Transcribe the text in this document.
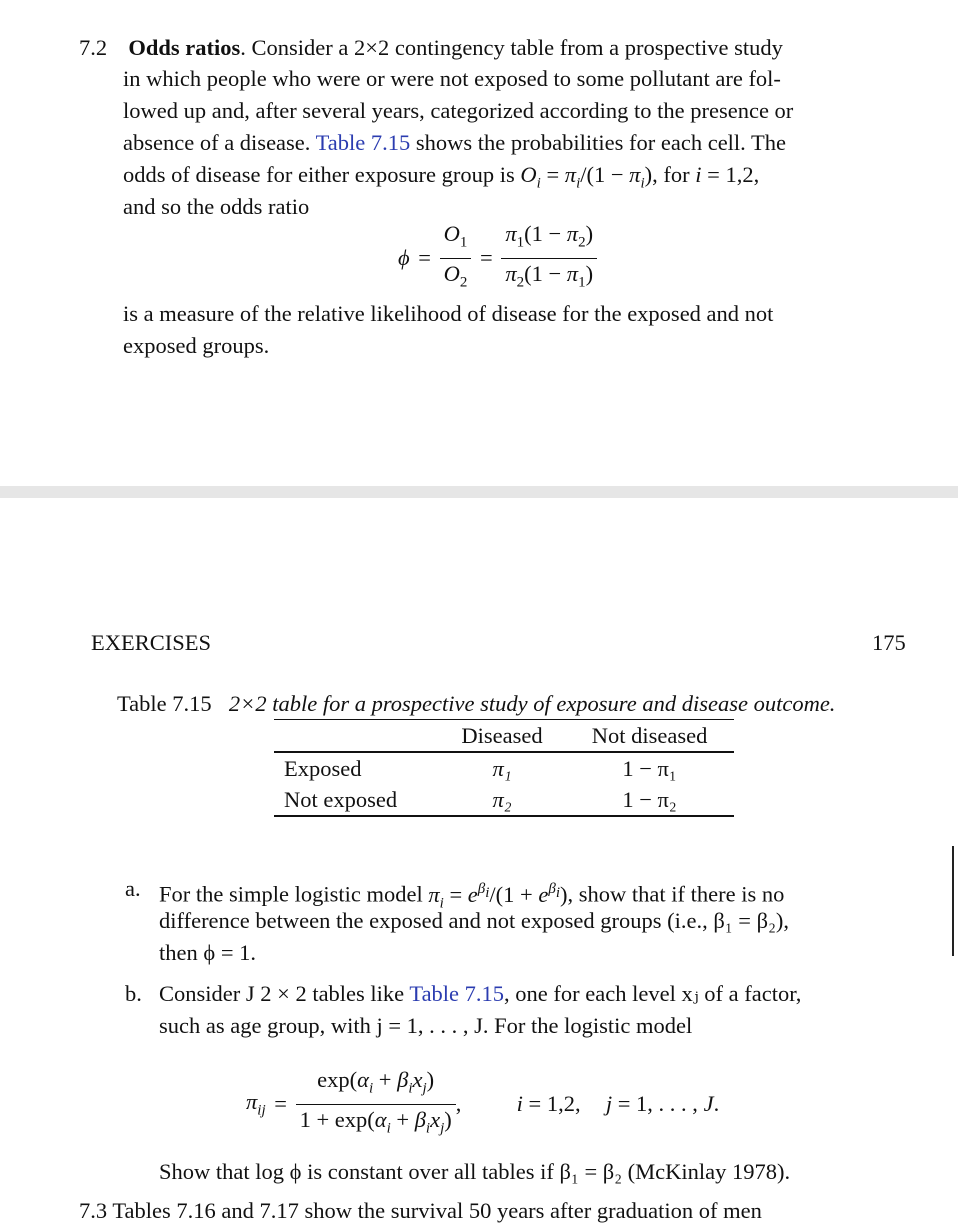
7.2 Odds ratios. Consider a 2×2 contingency table from a prospective study
in which people who were or were not exposed to some pollutant are fol-
lowed up and, after several years, categorized according to the presence or
absence of a disease. Table 7.15 shows the probabilities for each cell. The
odds of disease for either exposure group is $O_i = \pi_i/(1 - \pi_i)$, for i = 1,2,
and so the odds ratio
$\phi = \frac{O_1}{O_2} = \frac{\pi_1(1 - \pi_2)}{\pi_2(1 - \pi_1)}$
is a measure of the relative likelihood of disease for the exposed and not
exposed groups.
EXERCISES	175
Table 7.15 2×2 table for a prospective study of exposure and disease outcome.
	Diseased	Not diseased
Exposed	π₁	1 − π₁
Not exposed	π₂	1 − π₂
a. For the simple logistic model $\pi_i = e^{\beta_i}/(1 + e^{\beta_i})$, show that if there is no
difference between the exposed and not exposed groups (i.e., β₁ = β₂),
then ϕ = 1.
b. Consider J 2 × 2 tables like Table 7.15, one for each level xⱼ of a factor,
such as age group, with j = 1, . . . , J. For the logistic model
$\pi_{ij} = \frac{\exp(\alpha_i + \beta_ix_j)}{1 + \exp(\alpha_i + \beta_ix_j)}$ , i = 1,2, j = 1, . . . , J.
Show that log ϕ is constant over all tables if β₁ = β₂ (McKinlay 1978).
7.3 Tables 7.16 and 7.17 show the survival 50 years after graduation of men
